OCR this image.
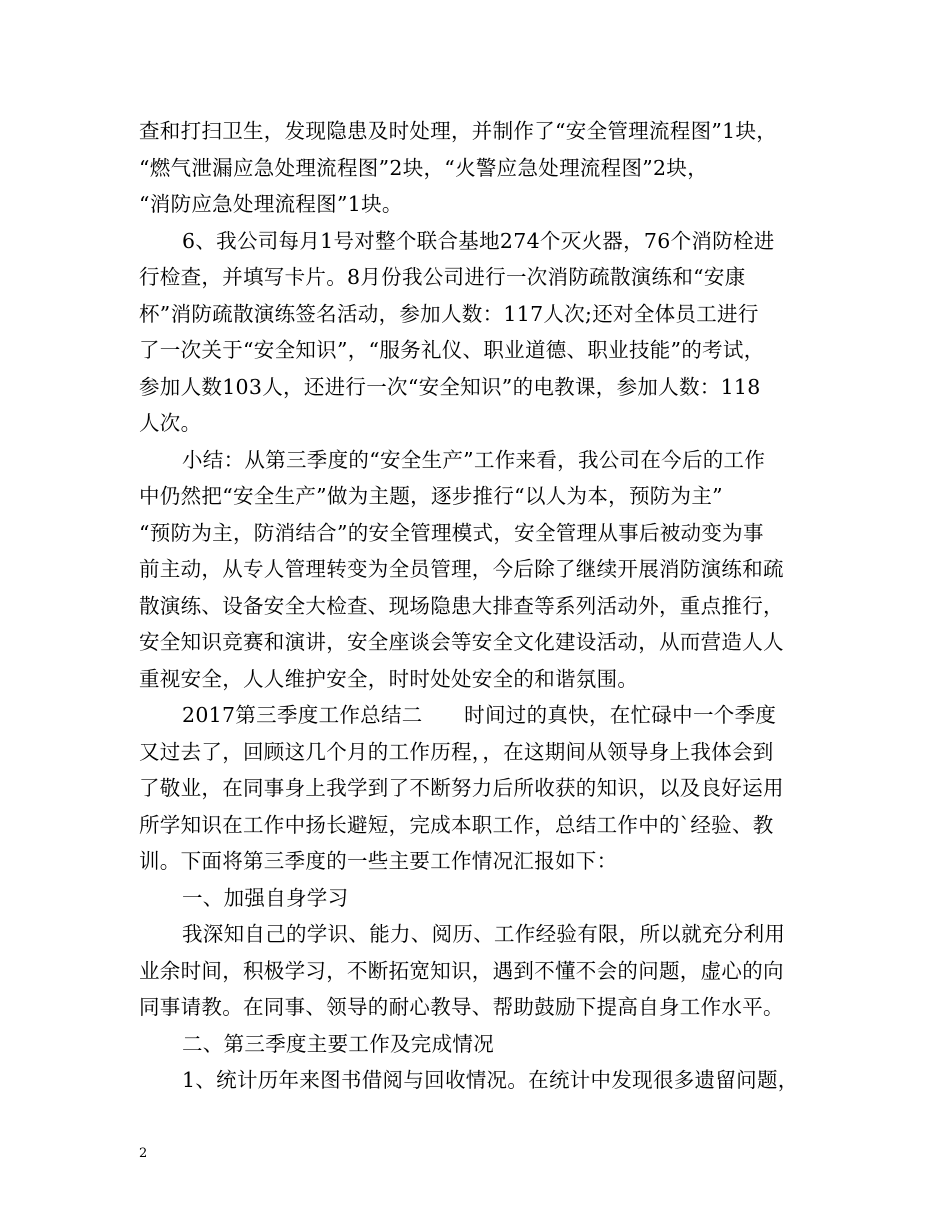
查和打扫卫生，发现隐患及时处理，并制作了“安全管理流程图”1块，
“燃气泄漏应急处理流程图”2块，“火警应急处理流程图”2块，
“消防应急处理流程图”1块。
6、我公司每月1号对整个联合基地274个灭火器，76个消防栓进
行检查，并填写卡片。8月份我公司进行一次消防疏散演练和“安康
杯”消防疏散演练签名活动，参加人数：117人次;还对全体员工进行
了一次关于“安全知识”，“服务礼仪、职业道德、职业技能”的考试，
参加人数103人，还进行一次“安全知识”的电教课，参加人数：118
人次。
小结：从第三季度的“安全生产”工作来看，我公司在今后的工作
中仍然把“安全生产”做为主题，逐步推行“以人为本，预防为主”
“预防为主，防消结合”的安全管理模式，安全管理从事后被动变为事
前主动，从专人管理转变为全员管理，今后除了继续开展消防演练和疏
散演练、设备安全大检查、现场隐患大排查等系列活动外，重点推行，
安全知识竞赛和演讲，安全座谈会等安全文化建设活动，从而营造人人
重视安全，人人维护安全，时时处处安全的和谐氛围。
2017第三季度工作总结二　　时间过的真快，在忙碌中一个季度
又过去了，回顾这几个月的工作历程，，在这期间从领导身上我体会到
了敬业，在同事身上我学到了不断努力后所收获的知识，以及良好运用
所学知识在工作中扬长避短，完成本职工作，总结工作中的`经验、教
训。下面将第三季度的一些主要工作情况汇报如下：
一、加强自身学习
我深知自己的学识、能力、阅历、工作经验有限，所以就充分利用
业余时间，积极学习，不断拓宽知识，遇到不懂不会的问题，虚心的向
同事请教。在同事、领导的耐心教导、帮助鼓励下提高自身工作水平。
二、第三季度主要工作及完成情况
1、统计历年来图书借阅与回收情况。在统计中发现很多遗留问题，
2
